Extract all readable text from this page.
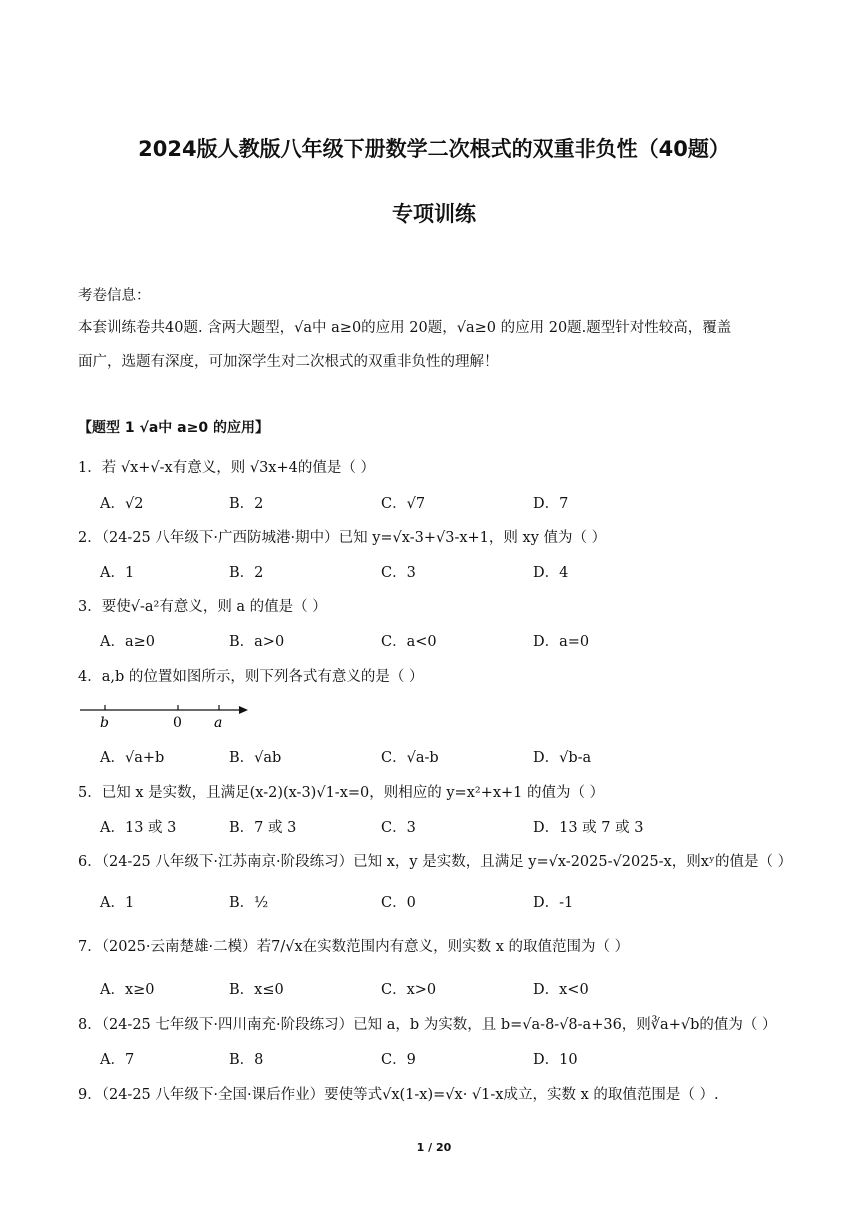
2024版人教版八年级下册数学二次根式的双重非负性（40题）
专项训练
考卷信息：
本套训练卷共40题. 含两大题型，√a中 a≥0的应用 20题，√a≥0 的应用 20题.题型针对性较高，覆盖
面广，选题有深度，可加深学生对二次根式的双重非负性的理解！
【题型 1 √a中 a≥0 的应用】
1．若 √x+√-x有意义，则 √3x+4的值是（ ）
A．√2	B．2	C．√7	D．7
2．（24-25 八年级下·广西防城港·期中）已知 y=√x-3+√3-x+1，则 xy 值为（ ）
A．1	B．2	C．3	D．4
3．要使√-a²有意义，则 a 的值是（ ）
A．a≥0	B．a>0	C．a<0	D．a=0
4．a,b 的位置如图所示，则下列各式有意义的是（ ）
b	0 a
A．√a+b	B．√ab	C．√a-b	D．√b-a
5．已知 x 是实数，且满足(x-2)(x-3)√1-x=0，则相应的 y=x²+x+1 的值为（ ）
A．13 或 3	B．7 或 3	C．3	D．13 或 7 或 3
6．（24-25 八年级下·江苏南京·阶段练习）已知 x，y 是实数，且满足 y=√x-2025-√2025-x，则xʸ的值是（ ）
A．1	B．½	C．0	D．-1
7．（2025·云南楚雄·二模）若7/√x在实数范围内有意义，则实数 x 的取值范围为（ ）
A．x≥0	B．x≤0	C．x>0	D．x<0
8．（24-25 七年级下·四川南充·阶段练习）已知 a，b 为实数，且 b=√a-8-√8-a+36，则∛a+√b的值为（ ）
A．7	B．8	C．9	D．10
9．（24-25 八年级下·全国·课后作业）要使等式√x(1-x)=√x· √1-x成立，实数 x 的取值范围是（ ）.
1 / 20
